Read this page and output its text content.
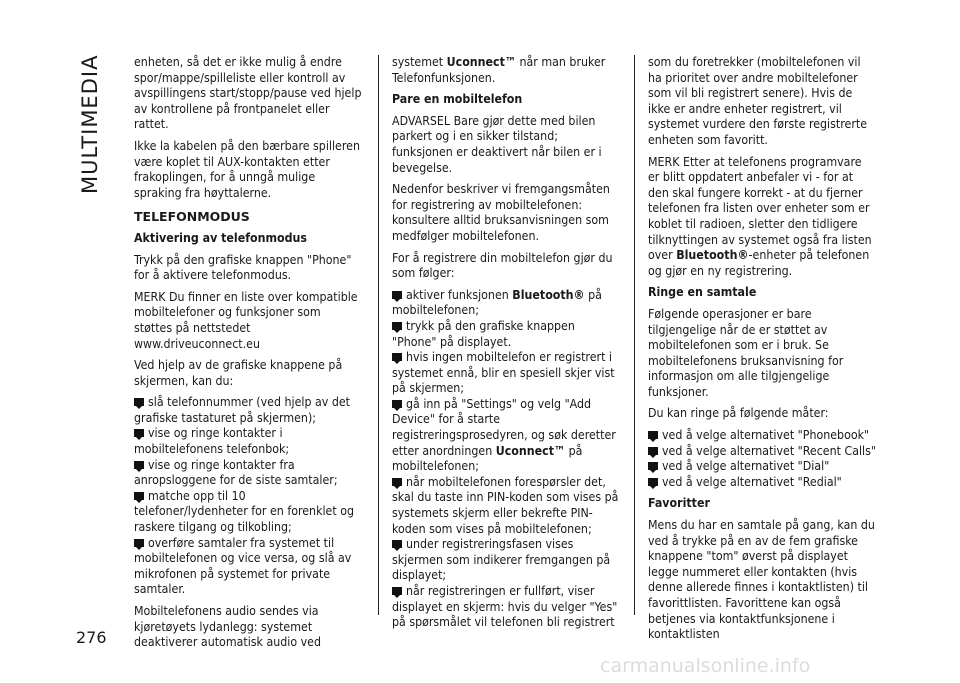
MULTIMEDIA
276

enheten, så det er ikke mulig å endre spor/mappe/spilleliste eller kontroll av avspillingens start/stopp/pause ved hjelp av kontrollene på frontpanelet eller rattet.

Ikke la kabelen på den bærbare spilleren være koplet til AUX-kontakten etter frakoplingen, for å unngå mulige spraking fra høyttalerne.

TELEFONMODUS
Aktivering av telefonmodus

Trykk på den grafiske knappen "Phone" for å aktivere telefonmodus.

MERK Du finner en liste over kompatible mobiltelefoner og funksjoner som støttes på nettstedet www.driveuconnect.eu

Ved hjelp av de grafiske knappene på skjermen, kan du:

slå telefonnummer (ved hjelp av det grafiske tastaturet på skjermen);
vise og ringe kontakter i mobiltelefonens telefonbok;
vise og ringe kontakter fra anropsloggene for de siste samtaler;
matche opp til 10 telefoner/lydenheter for en forenklet og raskere tilgang og tilkobling;
overføre samtaler fra systemet til mobiltelefonen og vice versa, og slå av mikrofonen på systemet for private samtaler.

Mobiltelefonens audio sendes via kjøretøyets lydanlegg: systemet deaktiverer automatisk audio ved

systemet Uconnect™ når man bruker Telefonfunksjonen.

Pare en mobiltelefon

ADVARSEL Bare gjør dette med bilen parkert og i en sikker tilstand; funksjonen er deaktivert når bilen er i bevegelse.

Nedenfor beskriver vi fremgangsmåten for registrering av mobiltelefonen: konsultere alltid bruksanvisningen som medfølger mobiltelefonen.

For å registrere din mobiltelefon gjør du som følger:

aktiver funksjonen Bluetooth® på mobiltelefonen;
trykk på den grafiske knappen "Phone" på displayet.
hvis ingen mobiltelefon er registrert i systemet ennå, blir en spesiell skjer vist på skjermen;
gå inn på "Settings" og velg "Add Device" for å starte registreringsprosedyren, og søk deretter etter anordningen Uconnect™ på mobiltelefonen;
når mobiltelefonen forespørsler det, skal du taste inn PIN-koden som vises på systemets skjerm eller bekrefte PIN-koden som vises på mobiltelefonen;
under registreringsfasen vises skjermen som indikerer fremgangen på displayet;
når registreringen er fullført, viser displayet en skjerm: hvis du velger "Yes" på spørsmålet vil telefonen bli registrert

som du foretrekker (mobiltelefonen vil ha prioritet over andre mobiltelefoner som vil bli registrert senere). Hvis de ikke er andre enheter registrert, vil systemet vurdere den første registrerte enheten som favoritt.

MERK Etter at telefonens programvare er blitt oppdatert anbefaler vi - for at den skal fungere korrekt - at du fjerner telefonen fra listen over enheter som er koblet til radioen, sletter den tidligere tilknyttingen av systemet også fra listen over Bluetooth®-enheter på telefonen og gjør en ny registrering.

Ringe en samtale

Følgende operasjoner er bare tilgjengelige når de er støttet av mobiltelefonen som er i bruk. Se mobiltelefonens bruksanvisning for informasjon om alle tilgjengelige funksjoner.

Du kan ringe på følgende måter:

ved å velge alternativet "Phonebook"
ved å velge alternativet "Recent Calls"
ved å velge alternativet "Dial"
ved å velge alternativet "Redial"
Favoritter

Mens du har en samtale på gang, kan du ved å trykke på en av de fem grafiske knappene "tom" øverst på displayet legge nummeret eller kontakten (hvis denne allerede finnes i kontaktlisten) til favorittlisten. Favorittene kan også betjenes via kontaktfunksjonene i kontaktlisten

carmanualsonline.info
